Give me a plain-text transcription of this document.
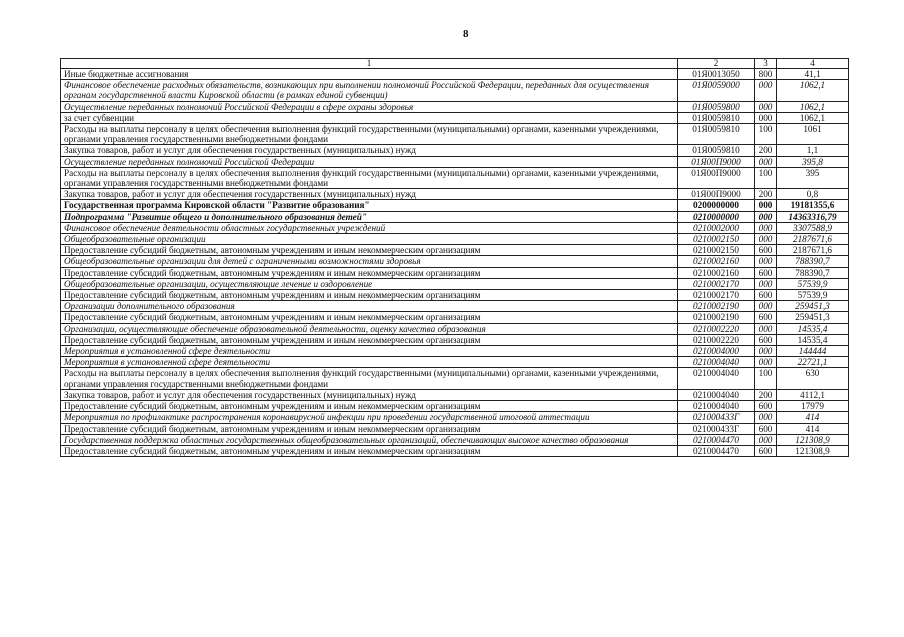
8
1	2	3	4
Иные бюджетные ассигнования	01Я0013050	800	41,1
Финансовое обеспечение расходных обязательств, возникающих при выполнении полномочий Российской Федерации, переданных для осуществления органам государственной власти Кировской области (в рамках единой субвенции)	01Я0059000	000	1062,1
Осуществление переданных полномочий Российской Федерации в сфере охраны здоровья	01Я0059800	000	1062,1
за счет субвенции	01Я0059810	000	1062,1
Расходы на выплаты персоналу в целях обеспечения выполнения функций государственными (муниципальными) органами, казенными учреждениями, органами управления государственными внебюджетными фондами	01Я0059810	100	1061
Закупка товаров, работ и услуг для обеспечения государственных (муниципальных) нужд	01Я0059810	200	1,1
Осуществление переданных полномочий Российской Федерации	01Я00П9000	000	395,8
Расходы на выплаты персоналу в целях обеспечения выполнения функций государственными (муниципальными) органами, казенными учреждениями, органами управления государственными внебюджетными фондами	01Я00П9000	100	395
Закупка товаров, работ и услуг для обеспечения государственных (муниципальных) нужд	01Я00П9000	200	0,8
Государственная программа Кировской области "Развитие образования"	0200000000	000	19181355,6
Подпрограмма "Развитие общего и дополнительного образования детей"	0210000000	000	14363316,79
Финансовое обеспечение деятельности областных государственных учреждений	0210002000	000	3307588,9
Общеобразовательные организации	0210002150	000	2187671,6
Предоставление субсидий бюджетным, автономным учреждениям и иным некоммерческим организациям	0210002150	600	2187671,6
Общеобразовательные организации для детей с ограниченными возможностями здоровья	0210002160	000	788390,7
Предоставление субсидий бюджетным, автономным учреждениям и иным некоммерческим организациям	0210002160	600	788390,7
Общеобразовательные организации, осуществляющие лечение и оздоровление	0210002170	000	57539,9
Предоставление субсидий бюджетным, автономным учреждениям и иным некоммерческим организациям	0210002170	600	57539,9
Организации дополнительного образования	0210002190	000	259451,3
Предоставление субсидий бюджетным, автономным учреждениям и иным некоммерческим организациям	0210002190	600	259451,3
Организации, осуществляющие обеспечение образовательной деятельности, оценку качества образования	0210002220	000	14535,4
Предоставление субсидий бюджетным, автономным учреждениям и иным некоммерческим организациям	0210002220	600	14535,4
Мероприятия в установленной сфере деятельности	0210004000	000	144444
Мероприятия в установленной сфере деятельности	0210004040	000	22721,1
Расходы на выплаты персоналу в целях обеспечения выполнения функций государственными (муниципальными) органами, казенными учреждениями, органами управления государственными внебюджетными фондами	0210004040	100	630
Закупка товаров, работ и услуг для обеспечения государственных (муниципальных) нужд	0210004040	200	4112,1
Предоставление субсидий бюджетным, автономным учреждениям и иным некоммерческим организациям	0210004040	600	17979
Мероприятия по профилактике распространения коронавирусной инфекции при проведении государственной итоговой аттестации	021000433Г	000	414
Предоставление субсидий бюджетным, автономным учреждениям и иным некоммерческим организациям	021000433Г	600	414
Государственная поддержка областных государственных общеобразовательных организаций, обеспечивающих высокое качество образования	0210004470	000	121308,9
Предоставление субсидий бюджетным, автономным учреждениям и иным некоммерческим организациям	0210004470	600	121308,9
